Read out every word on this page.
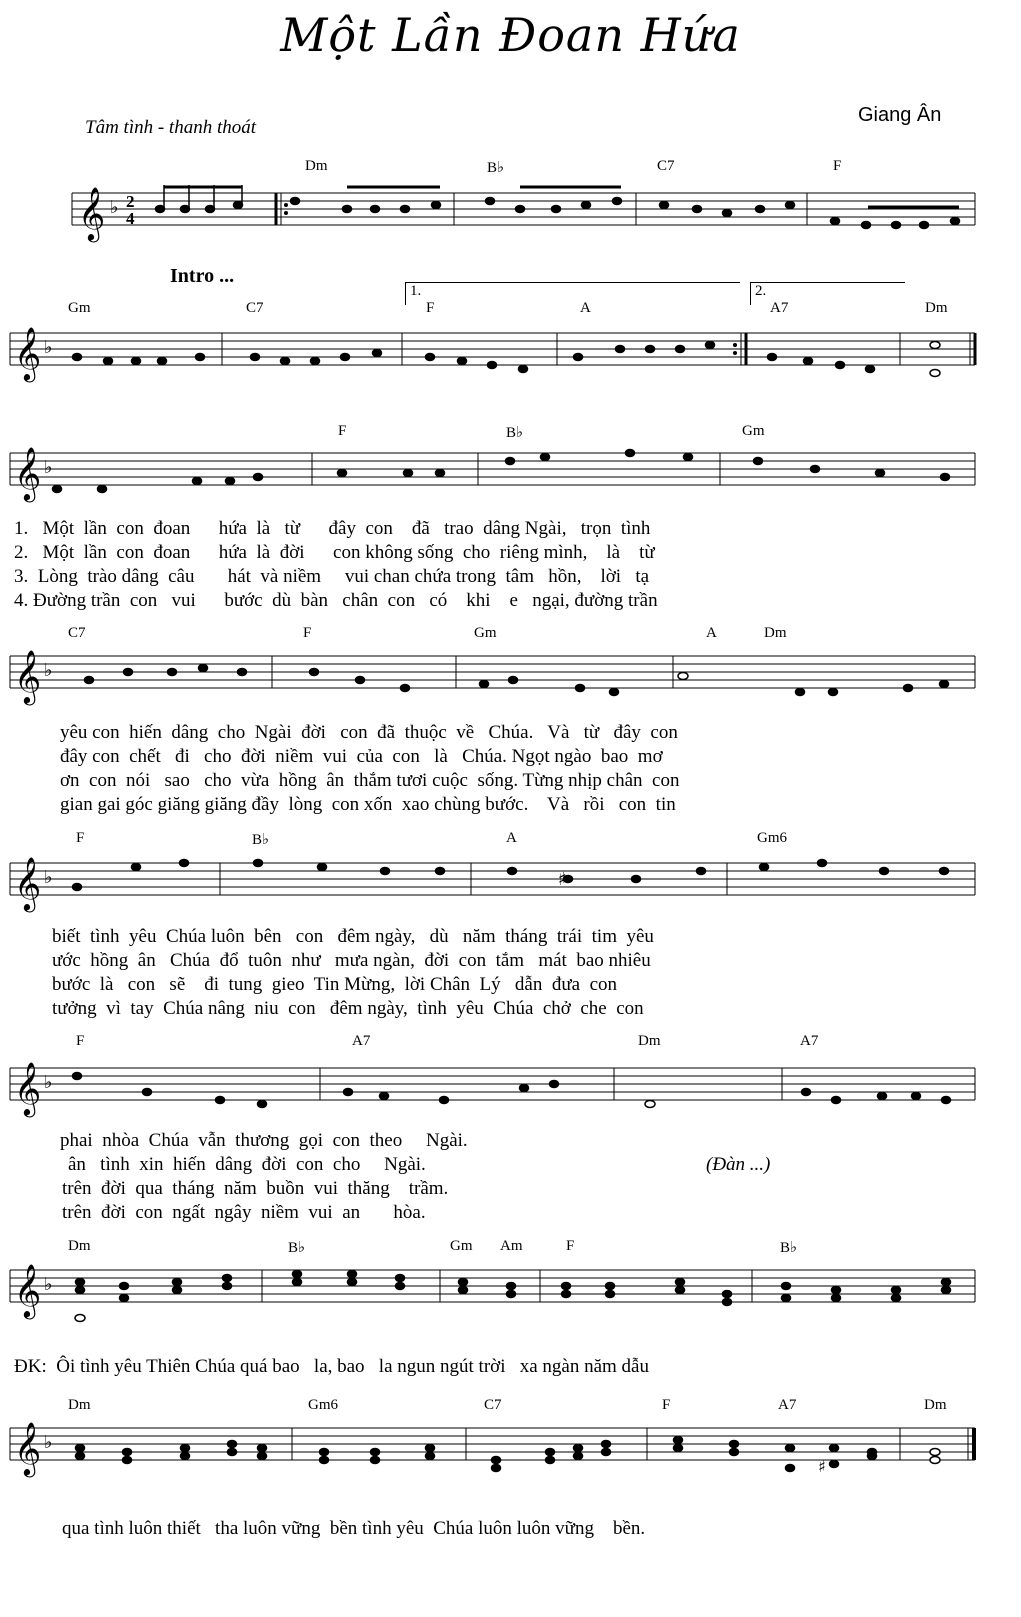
Một Lần Đoan Hứa
Tâm tình - thanh thoát
Giang Ân
Intro ...
Dm	B♭	C7	F
𝄞 ♭ 2
4
1.	2.
Gm	C7	F	A	A7	Dm
𝄞 ♭
F	B♭	Gm
𝄞 ♭
1.   Một  lần  con  đoan      hứa  là   từ      đây  con    đã   trao  dâng Ngài,   trọn  tình
2.   Một  lần  con  đoan      hứa  là  đời      con không sống  cho  riêng mình,    là    từ
3.  Lòng  trào dâng  câu       hát  và niềm     vui chan chứa trong  tâm   hồn,    lời   tạ
4. Đường trần  con   vui      bước  dù  bàn   chân  con   có    khi    e   ngại, đường trần
C7	F	Gm	A	Dm
𝄞 ♭
yêu con  hiến  dâng  cho  Ngài  đời   con  đã  thuộc  về   Chúa.   Và   từ   đây  con
đây con  chết   đi   cho  đời  niềm  vui  của  con   là   Chúa. Ngọt ngào  bao  mơ
ơn  con  nói   sao   cho  vừa  hồng  ân  thắm tươi cuộc  sống. Từng nhịp chân  con
gian gai góc giăng giăng đầy  lòng  con xốn  xao chùng bước.    Và   rồi   con  tin
F	B♭	A	Gm6
𝄞 ♭	♯
biết  tình  yêu  Chúa luôn  bên   con   đêm ngày,   dù   năm  tháng  trái  tim  yêu
ước  hồng  ân   Chúa  đổ  tuôn  như   mưa ngàn,  đời  con  tắm   mát  bao nhiêu
bước  là   con   sẽ    đi  tung  gieo  Tin Mừng,  lời Chân  Lý   dẫn  đưa  con
tưởng  vì  tay  Chúa nâng  niu  con   đêm ngày,  tình  yêu  Chúa  chở  che  con
F	A7	Dm	A7
𝄞 ♭
phai  nhòa  Chúa  vẫn  thương  gọi  con  theo     Ngài.
ân   tình  xin  hiến  dâng  đời  con  cho     Ngài.	(Đàn ...)
trên  đời  qua  tháng  năm  buồn  vui  thăng    trầm.
trên  đời  con  ngất  ngây  niềm  vui  an       hòa.
Dm	B♭	Gm Am	F	B♭
𝄞 ♭
ĐK:  Ôi tình yêu Thiên Chúa quá bao   la, bao   la ngun ngút trời   xa ngàn năm dẫu
Dm	Gm6	C7	F	A7	Dm
𝄞 ♭
♯
qua tình luôn thiết   tha luôn vững  bền tình yêu  Chúa luôn luôn vững    bền.
